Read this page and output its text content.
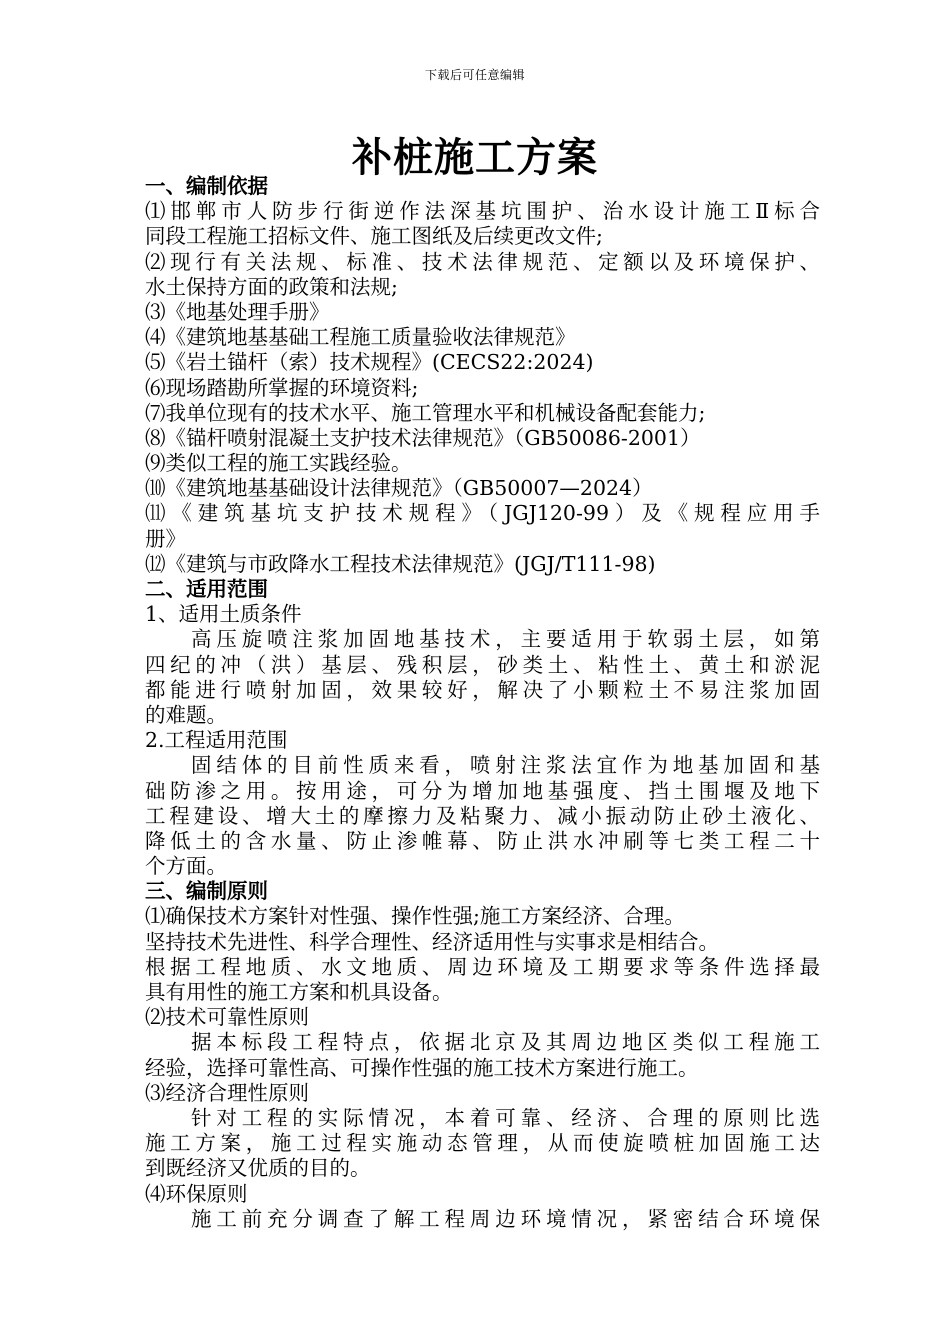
下载后可任意编辑
补桩施工方案
一、编制依据
⑴邯郸市人防步行街逆作法深基坑围护、治水设计施工Ⅱ标合
同段工程施工招标文件、施工图纸及后续更改文件;
⑵现行有关法规、标准、技术法律规范、定额以及环境保护、
水土保持方面的政策和法规;
⑶《地基处理手册》
⑷《建筑地基基础工程施工质量验收法律规范》
⑸《岩土锚杆（索）技术规程》(CECS22:2024)
⑹现场踏勘所掌握的环境资料;
⑺我单位现有的技术水平、施工管理水平和机械设备配套能力;
⑻《锚杆喷射混凝土支护技术法律规范》（GB50086-2001）
⑼类似工程的施工实践经验。
⑽《建筑地基基础设计法律规范》（GB50007—2024）
⑾《建筑基坑支护技术规程》（JGJ120-99）及《规程应用手
册》
⑿《建筑与市政降水工程技术法律规范》(JGJ/T111-98)
二、适用范围
1、适用土质条件
高压旋喷注浆加固地基技术，主要适用于软弱土层，如第
四纪的冲（洪）基层、残积层，砂类土、粘性土、黄土和淤泥
都能进行喷射加固，效果较好，解决了小颗粒土不易注浆加固
的难题。
2.工程适用范围
固结体的目前性质来看，喷射注浆法宜作为地基加固和基
础防渗之用。按用途，可分为增加地基强度、挡土围堰及地下
工程建设、增大土的摩擦力及粘聚力、减小振动防止砂土液化、
降低土的含水量、防止渗帷幕、防止洪水冲刷等七类工程二十
个方面。
三、编制原则
⑴确保技术方案针对性强、操作性强;施工方案经济、合理。
坚持技术先进性、科学合理性、经济适用性与实事求是相结合。
根据工程地质、水文地质、周边环境及工期要求等条件选择最
具有用性的施工方案和机具设备。
⑵技术可靠性原则
据本标段工程特点，依据北京及其周边地区类似工程施工
经验，选择可靠性高、可操作性强的施工技术方案进行施工。
⑶经济合理性原则
针对工程的实际情况，本着可靠、经济、合理的原则比选
施工方案，施工过程实施动态管理，从而使旋喷桩加固施工达
到既经济又优质的目的。
⑷环保原则
施工前充分调查了解工程周边环境情况，紧密结合环境保
